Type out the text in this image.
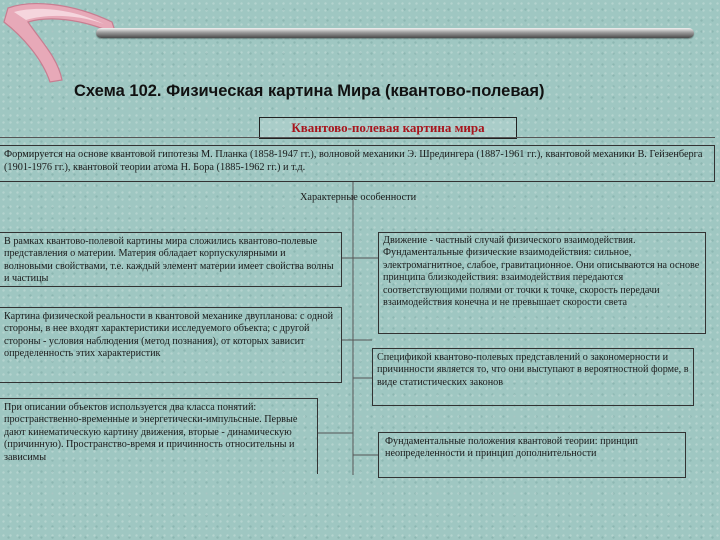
Схема 102. Физическая картина Мира (квантово-полевая)
Квантово-полевая картина мира
Формируется на основе квантовой гипотезы М. Планка (1858-1947 гг.), волновой механики Э. Шредингера (1887-1961 гг.), квантовой механики В. Гейзенберга (1901-1976 гг.), квантовой теории атома Н. Бора (1885-1962 гг.) и т.д.
Характерные особенности
В рамках квантово-полевой картины мира сложились квантово-полевые представления о материи. Материя обладает корпускулярными и волновыми свойствами, т.е. каждый элемент материи имеет свойства волны и частицы
Картина физической реальности в квантовой механике двупланова: с одной стороны, в нее входят характеристики исследуемого объекта; с другой стороны - условия наблюдения (метод познания), от которых зависит определенность этих характеристик
При описании объектов используется два класса понятий: пространственно-временные и энергетически-импульсные. Первые дают кинематическую картину движения, вторые - динамическую (причинную). Пространство-время и причинность относительны и зависимы
Движение - частный случай физического взаимодействия. Фундаментальные физические взаимодействия: сильное, электромагнитное, слабое, гравитационное. Они описываются на основе принципа близкодействия: взаимодействия передаются соответствующими полями от точки к точке, скорость передачи взаимодействия конечна и не превышает скорости света
Спецификой квантово-полевых представлений о закономерности и причинности является то, что они выступают в вероятностной форме, в виде статистических законов
Фундаментальные положения квантовой теории: принцип неопределенности и принцип дополнительности
